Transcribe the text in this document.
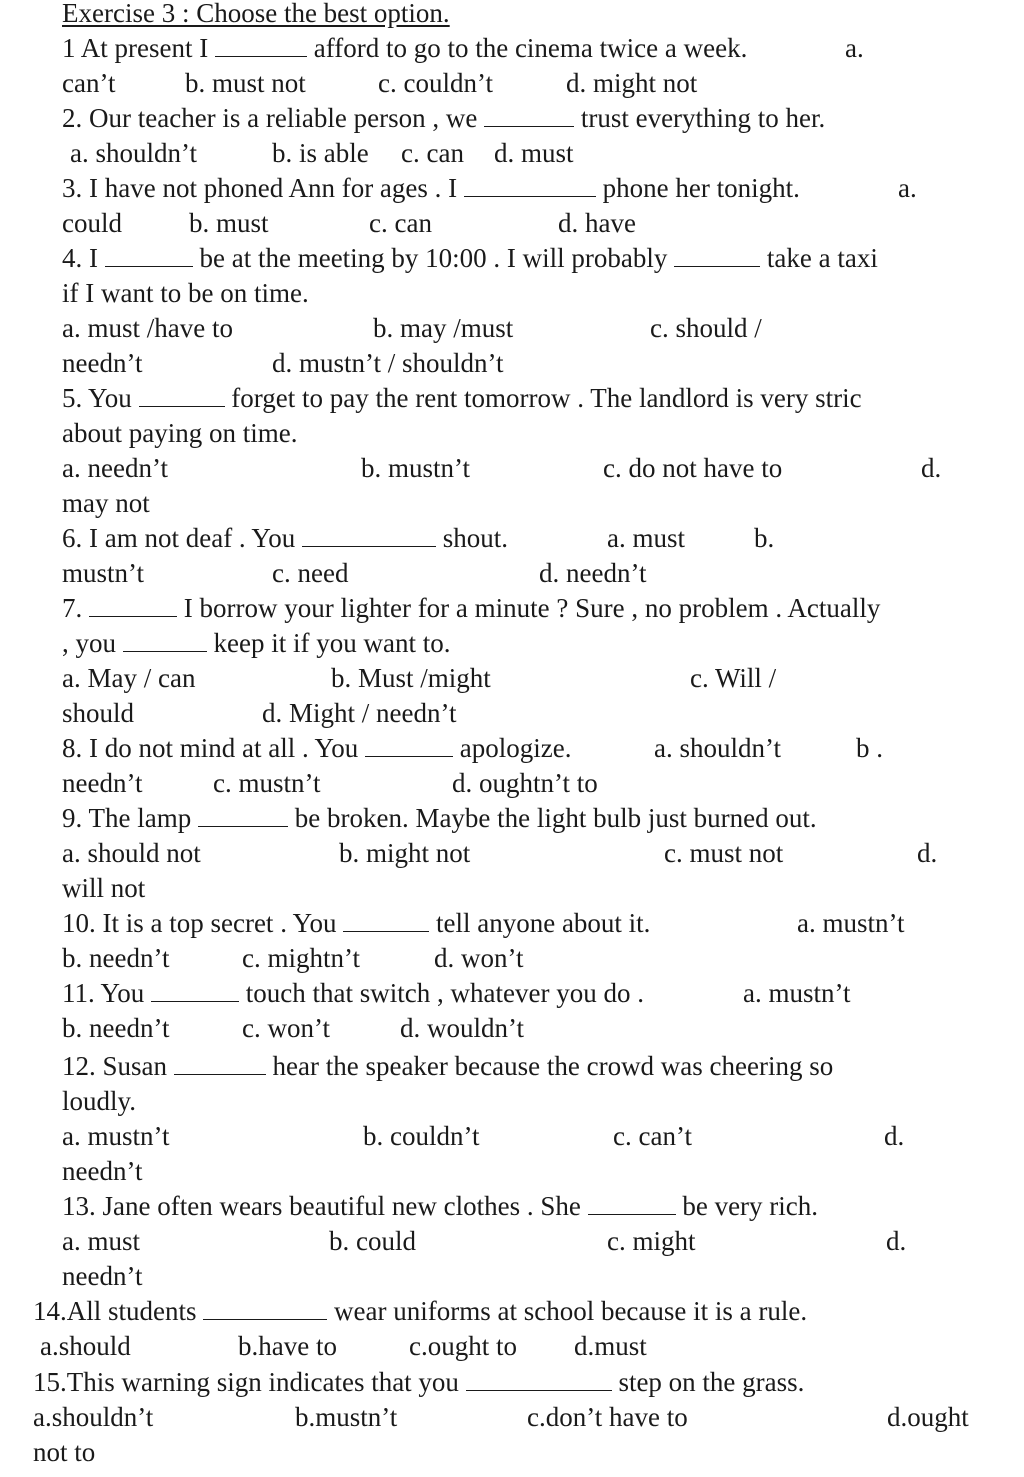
Exercise 3 : Choose the best option.
1 At present I	afford to go to the cinema twice a week.	a.
can’t	b. must not	c. couldn’t	d. might not
2. Our teacher is a reliable person , we	trust everything to her.
a. shouldn’t	b. is able c. can d. must
3. I have not phoned Ann for ages . I	phone her tonight.	a.
could b. must	c. can	d. have
4. I	be at the meeting by 10:00 . I will probably	take a taxi
if I want to be on time.
a. must /have to	b. may /must	c. should /
needn’t	d. mustn’t / shouldn’t
5. You	forget to pay the rent tomorrow . The landlord is very stric
about paying on time.
a. needn’t	b. mustn’t	c. do not have to	d.
may not
6. I am not deaf . You	shout.	a. must	b.
mustn’t	c. need	d. needn’t
7.	I borrow your lighter for a minute ? Sure , no problem . Actually
, you	keep it if you want to.
a. May / can	b. Must /might	c. Will /
should	d. Might / needn’t
8. I do not mind at all . You	apologize.	a. shouldn’t	b .
needn’t	c. mustn’t	d. oughtn’t to
9. The lamp	be broken. Maybe the light bulb just burned out.
a. should not	b. might not	c. must not	d.
will not
10. It is a top secret . You	tell anyone about it.	a. mustn’t
b. needn’t	c. mightn’t	d. won’t
11. You	touch that switch , whatever you do .	a. mustn’t
b. needn’t	c. won’t	d. wouldn’t
12. Susan	hear the speaker because the crowd was cheering so
loudly.
a. mustn’t	b. couldn’t	c. can’t	d.
needn’t
13. Jane often wears beautiful new clothes . She	be very rich.
a. must	b. could	c. might	d.
needn’t
14.All students	wear uniforms at school because it is a rule.
a.should	b.have to	c.ought to d.must
15.This warning sign indicates that you	step on the grass.
a.shouldn’t	b.mustn’t	c.don’t have to	d.ought
not to
